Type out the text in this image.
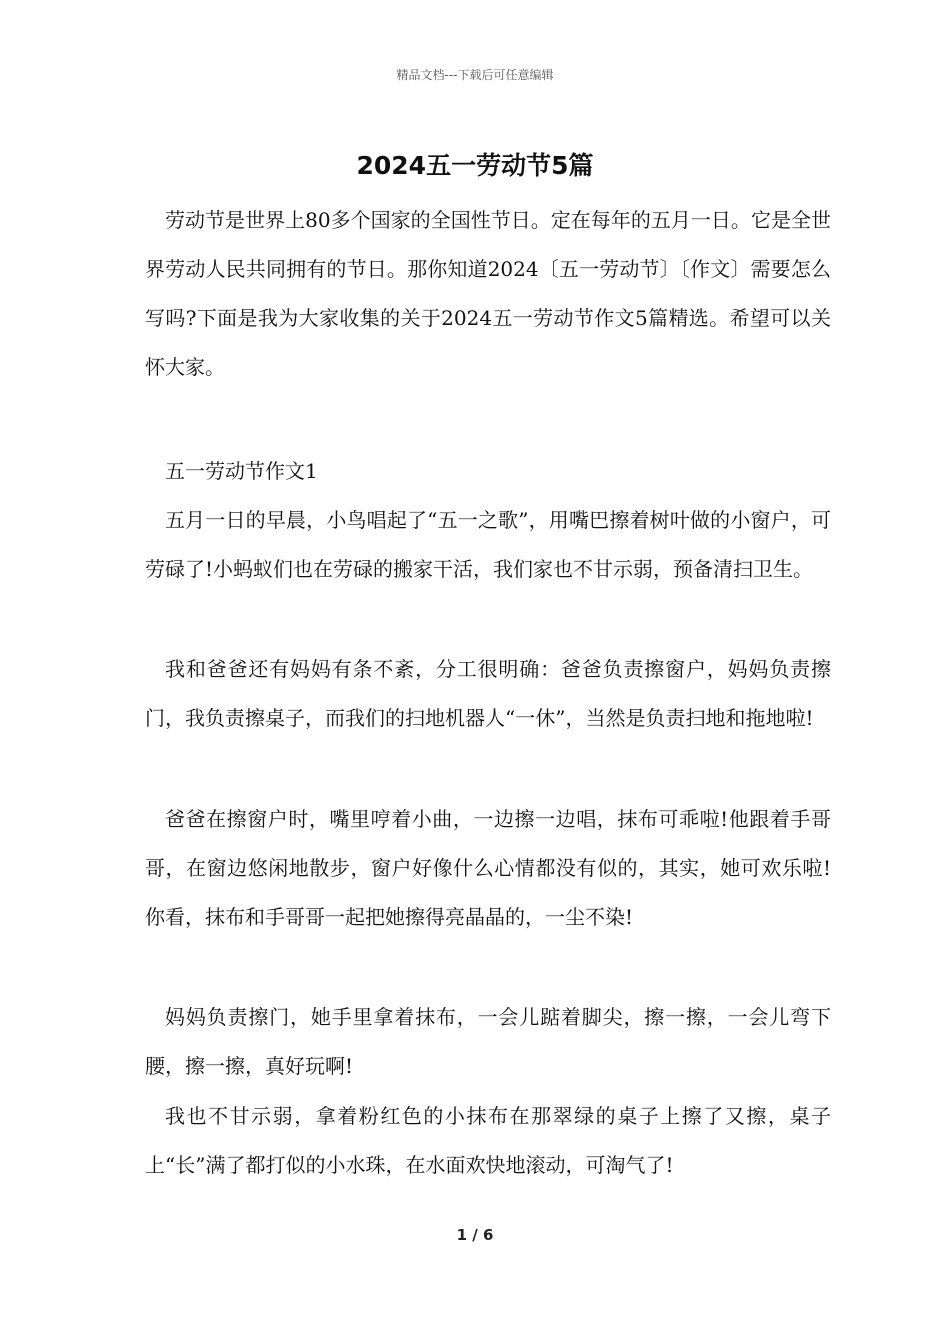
精品文档---下载后可任意编辑
2024五一劳动节5篇

劳动节是世界上80多个国家的全国性节日。定在每年的五月一日。它是全世界劳动人民共同拥有的节日。那你知道2024〔五一劳动节〕〔作文〕需要怎么写吗?下面是我为大家收集的关于2024五一劳动节作文5篇精选。希望可以关怀大家。

五一劳动节作文1

五月一日的早晨，小鸟唱起了“五一之歌”，用嘴巴擦着树叶做的小窗户，可劳碌了!小蚂蚁们也在劳碌的搬家干活，我们家也不甘示弱，预备清扫卫生。

我和爸爸还有妈妈有条不紊，分工很明确：爸爸负责擦窗户，妈妈负责擦门，我负责擦桌子，而我们的扫地机器人“一休”，当然是负责扫地和拖地啦!

爸爸在擦窗户时，嘴里哼着小曲，一边擦一边唱，抹布可乖啦!他跟着手哥哥，在窗边悠闲地散步，窗户好像什么心情都没有似的，其实，她可欢乐啦!你看，抹布和手哥哥一起把她擦得亮晶晶的，一尘不染!

妈妈负责擦门，她手里拿着抹布，一会儿踮着脚尖，擦一擦，一会儿弯下腰，擦一擦，真好玩啊!

我也不甘示弱，拿着粉红色的小抹布在那翠绿的桌子上擦了又擦，桌子上“长”满了都打似的小水珠，在水面欢快地滚动，可淘气了!

1 / 6
